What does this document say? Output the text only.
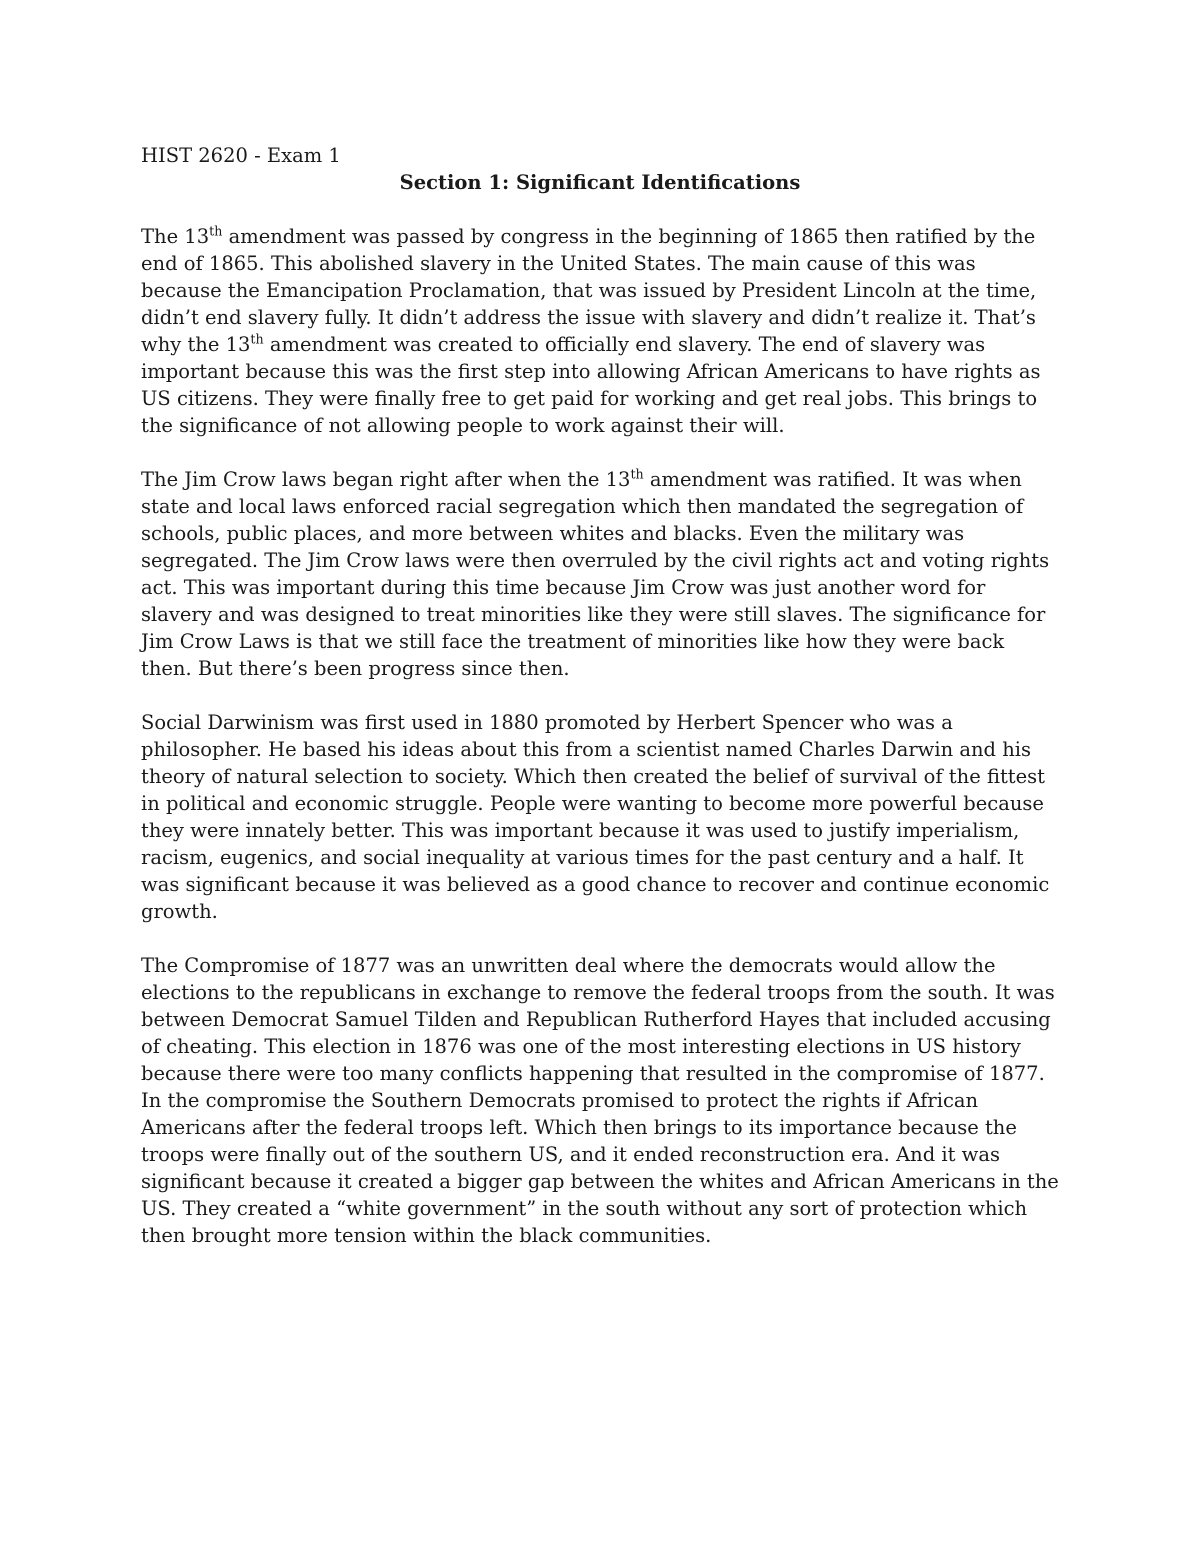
HIST 2620 - Exam 1

Section 1: Significant Identifications

The 13th amendment was passed by congress in the beginning of 1865 then ratified by the end of 1865. This abolished slavery in the United States. The main cause of this was because the Emancipation Proclamation, that was issued by President Lincoln at the time, didn’t end slavery fully. It didn’t address the issue with slavery and didn’t realize it. That’s why the 13th amendment was created to officially end slavery. The end of slavery was important because this was the first step into allowing African Americans to have rights as US citizens. They were finally free to get paid for working and get real jobs. This brings to the significance of not allowing people to work against their will.

The Jim Crow laws began right after when the 13th amendment was ratified. It was when state and local laws enforced racial segregation which then mandated the segregation of schools, public places, and more between whites and blacks. Even the military was segregated. The Jim Crow laws were then overruled by the civil rights act and voting rights act. This was important during this time because Jim Crow was just another word for slavery and was designed to treat minorities like they were still slaves. The significance for Jim Crow Laws is that we still face the treatment of minorities like how they were back then. But there’s been progress since then.

Social Darwinism was first used in 1880 promoted by Herbert Spencer who was a philosopher. He based his ideas about this from a scientist named Charles Darwin and his theory of natural selection to society. Which then created the belief of survival of the fittest in political and economic struggle. People were wanting to become more powerful because they were innately better. This was important because it was used to justify imperialism, racism, eugenics, and social inequality at various times for the past century and a half. It was significant because it was believed as a good chance to recover and continue economic growth.

The Compromise of 1877 was an unwritten deal where the democrats would allow the elections to the republicans in exchange to remove the federal troops from the south. It was between Democrat Samuel Tilden and Republican Rutherford Hayes that included accusing of cheating. This election in 1876 was one of the most interesting elections in US history because there were too many conflicts happening that resulted in the compromise of 1877. In the compromise the Southern Democrats promised to protect the rights if African Americans after the federal troops left. Which then brings to its importance because the troops were finally out of the southern US, and it ended reconstruction era. And it was significant because it created a bigger gap between the whites and African Americans in the US. They created a “white government” in the south without any sort of protection which then brought more tension within the black communities.
